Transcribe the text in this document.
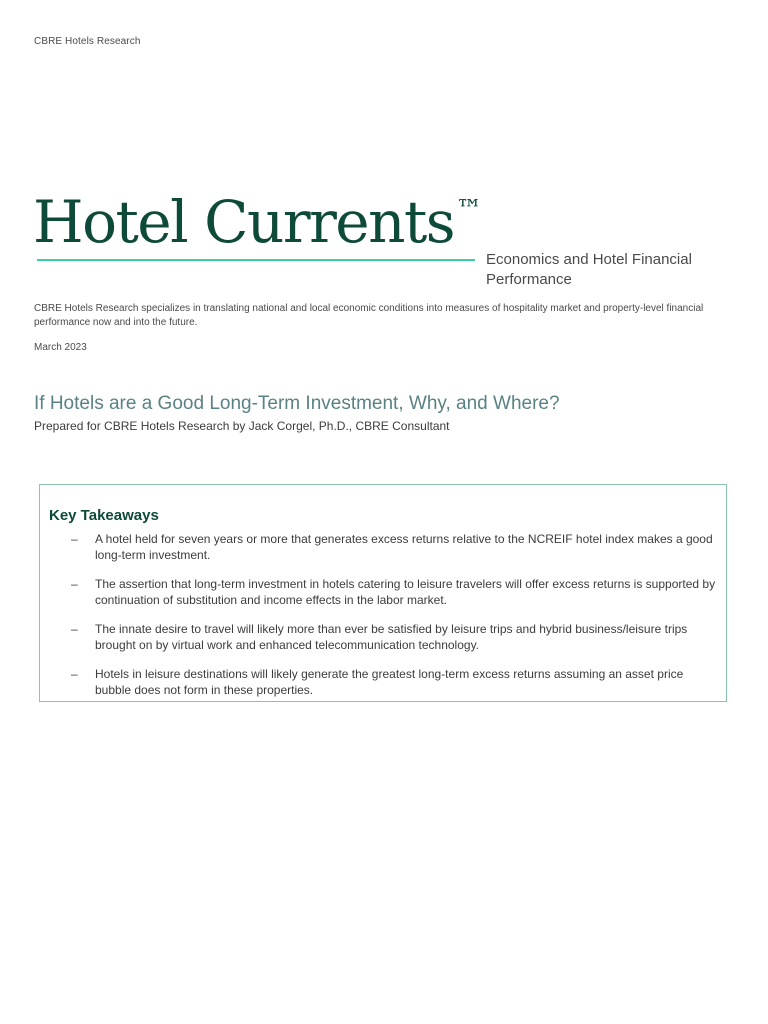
CBRE Hotels Research
Hotel Currents™
Economics and Hotel Financial Performance
CBRE Hotels Research specializes in translating national and local economic conditions into measures of hospitality market and property-level financial performance now and into the future.
March 2023
If Hotels are a Good Long-Term Investment, Why, and Where?
Prepared for CBRE Hotels Research by Jack Corgel, Ph.D., CBRE Consultant
Key Takeaways
– A hotel held for seven years or more that generates excess returns relative to the NCREIF hotel index makes a good long-term investment.
– The assertion that long-term investment in hotels catering to leisure travelers will offer excess returns is supported by continuation of substitution and income effects in the labor market.
– The innate desire to travel will likely more than ever be satisfied by leisure trips and hybrid business/leisure trips brought on by virtual work and enhanced telecommunication technology.
– Hotels in leisure destinations will likely generate the greatest long-term excess returns assuming an asset price bubble does not form in these properties.
